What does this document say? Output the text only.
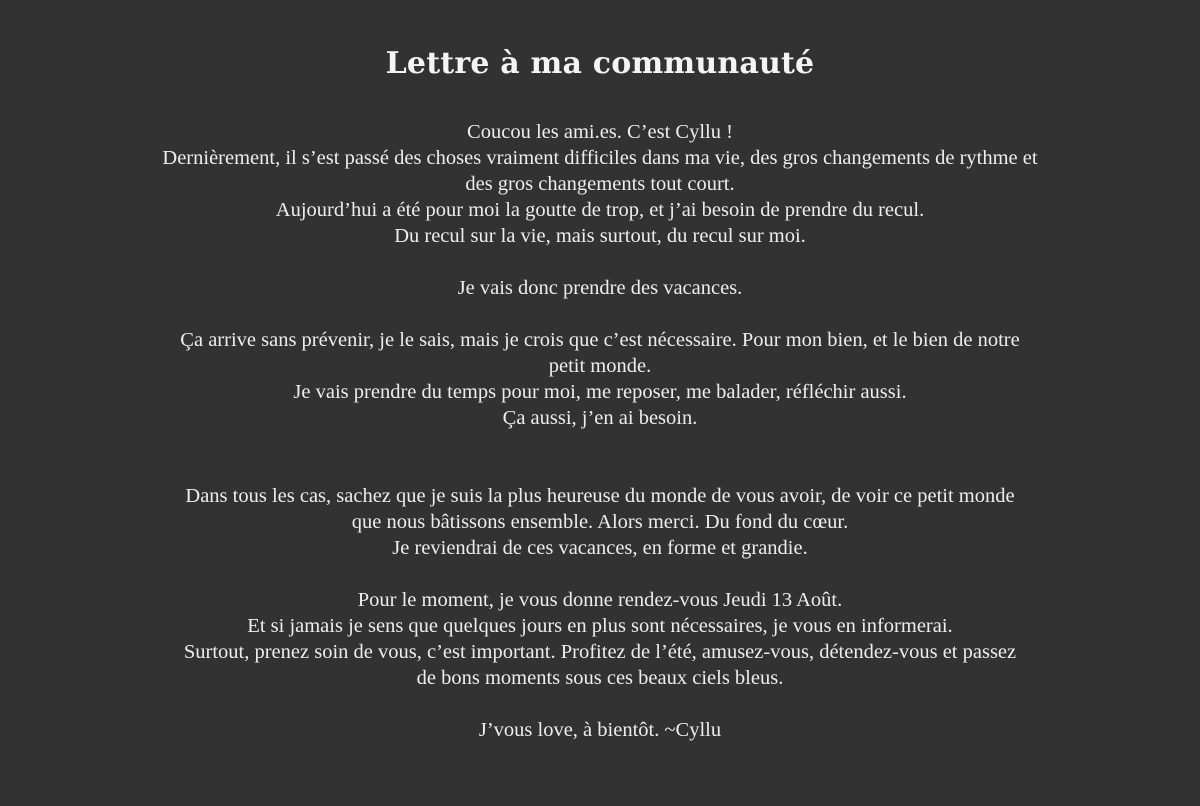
Lettre à ma communauté

Coucou les ami.es. C’est Cyllu !
Dernièrement, il s’est passé des choses vraiment difficiles dans ma vie, des gros changements de rythme et
des gros changements tout court.
Aujourd’hui a été pour moi la goutte de trop, et j’ai besoin de prendre du recul.
Du recul sur la vie, mais surtout, du recul sur moi.

Je vais donc prendre des vacances.

Ça arrive sans prévenir, je le sais, mais je crois que c’est nécessaire. Pour mon bien, et le bien de notre
petit monde.
Je vais prendre du temps pour moi, me reposer, me balader, réfléchir aussi.
Ça aussi, j’en ai besoin.

Dans tous les cas, sachez que je suis la plus heureuse du monde de vous avoir, de voir ce petit monde
que nous bâtissons ensemble. Alors merci. Du fond du cœur.
Je reviendrai de ces vacances, en forme et grandie.

Pour le moment, je vous donne rendez-vous Jeudi 13 Août.
Et si jamais je sens que quelques jours en plus sont nécessaires, je vous en informerai.
Surtout, prenez soin de vous, c’est important. Profitez de l’été, amusez-vous, détendez-vous et passez
de bons moments sous ces beaux ciels bleus.

J’vous love, à bientôt. ~Cyllu
